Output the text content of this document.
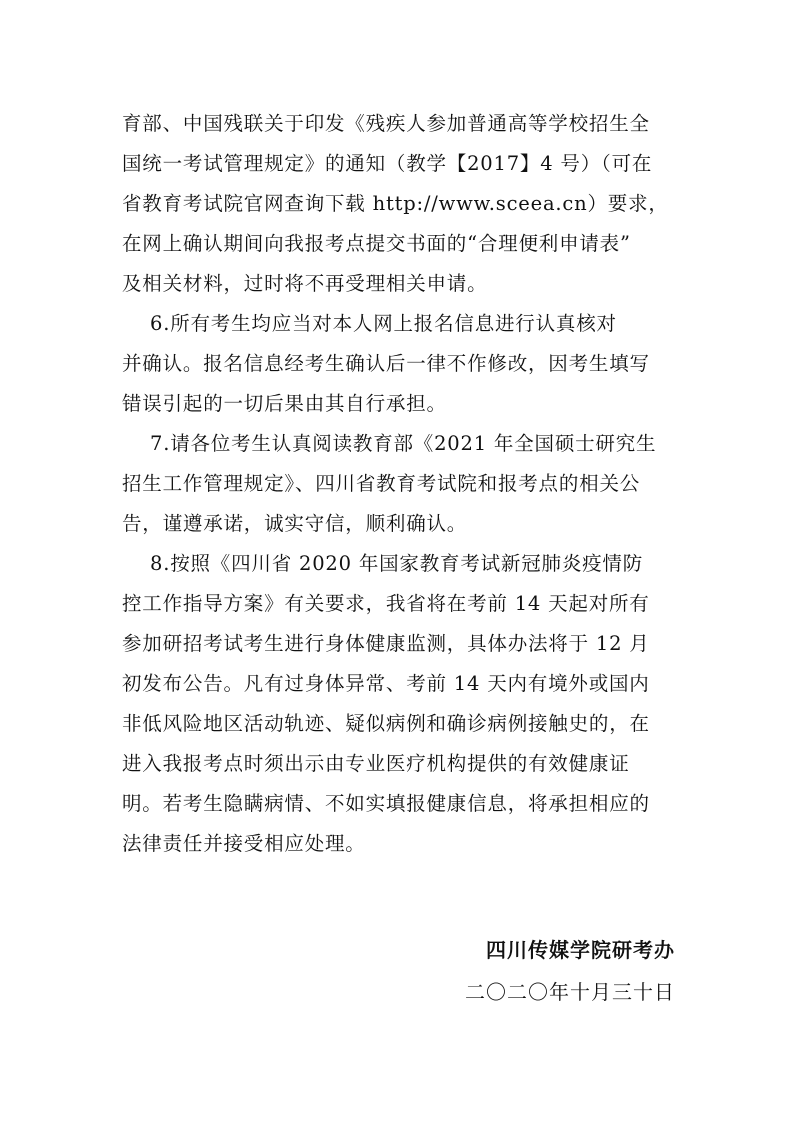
育部、中国残联关于印发《残疾人参加普通高等学校招生全
国统一考试管理规定》的通知（教学【2017】4 号）（可在
省教育考试院官网查询下载 http://www.sceea.cn）要求，
在网上确认期间向我报考点提交书面的“合理便利申请表”
及相关材料，过时将不再受理相关申请。
6.所有考生均应当对本人网上报名信息进行认真核对
并确认。报名信息经考生确认后一律不作修改，因考生填写
错误引起的一切后果由其自行承担。
7.请各位考生认真阅读教育部《2021 年全国硕士研究生
招生工作管理规定》、四川省教育考试院和报考点的相关公
告，谨遵承诺，诚实守信，顺利确认。
8.按照《四川省 2020 年国家教育考试新冠肺炎疫情防
控工作指导方案》有关要求，我省将在考前 14 天起对所有
参加研招考试考生进行身体健康监测，具体办法将于 12 月
初发布公告。凡有过身体异常、考前 14 天内有境外或国内
非低风险地区活动轨迹、疑似病例和确诊病例接触史的，在
进入我报考点时须出示由专业医疗机构提供的有效健康证
明。若考生隐瞒病情、不如实填报健康信息，将承担相应的
法律责任并接受相应处理。
四川传媒学院研考办
二〇二〇年十月三十日
